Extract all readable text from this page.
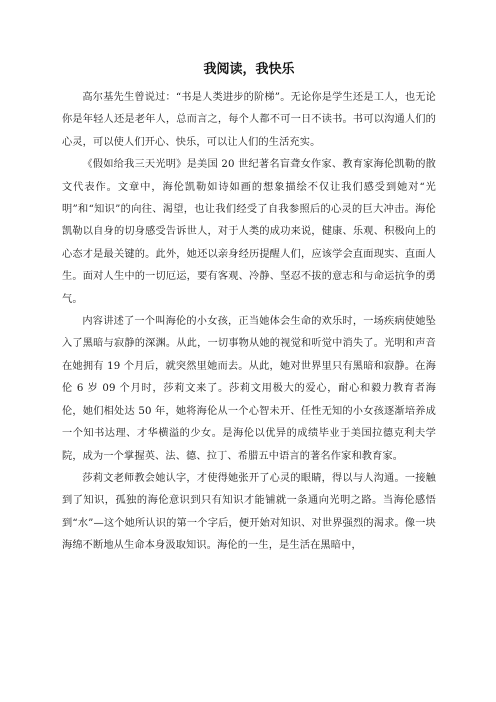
我阅读，我快乐

高尔基先生曾说过：“书是人类进步的阶梯”。无论你是学生还是工人，也无论你是年轻人还是老年人，总而言之，每个人都不可一日不读书。书可以沟通人们的心灵，可以使人们开心、快乐，可以让人们的生活充实。

《假如给我三天光明》是美国 20 世纪著名盲聋女作家、教育家海伦凯勒的散文代表作。文章中，海伦凯勒如诗如画的想象描绘不仅让我们感受到她对“光明”和“知识”的向往、渴望，也让我们经受了自我参照后的心灵的巨大冲击。海伦凯勒以自身的切身感受告诉世人，对于人类的成功来说，健康、乐观、积极向上的心态才是最关键的。此外，她还以亲身经历提醒人们，应该学会直面现实、直面人生。面对人生中的一切厄运，要有客观、冷静、坚忍不拔的意志和与命运抗争的勇气。

内容讲述了一个叫海伦的小女孩，正当她体会生命的欢乐时，一场疾病使她坠入了黑暗与寂静的深渊。从此，一切事物从她的视觉和听觉中消失了。光明和声音在她拥有 19 个月后，就突然里她而去。从此，她对世界里只有黑暗和寂静。在海伦 6 岁 09 个月时，莎莉文来了。莎莉文用极大的爱心，耐心和毅力教育者海伦，她们相处达 50 年，她将海伦从一个心智未开、任性无知的小女孩逐渐培养成一个知书达理、才华横溢的少女。是海伦以优异的成绩毕业于美国拉德克利夫学院，成为一个掌握英、法、德、拉丁、希腊五中语言的著名作家和教育家。

莎莉文老师教会她认字，才使得她张开了心灵的眼睛，得以与人沟通。一接触到了知识，孤独的海伦意识到只有知识才能铺就一条通向光明之路。当海伦感悟到“水”—这个她所认识的第一个字后，便开始对知识、对世界强烈的渴求。像一块海绵不断地从生命本身汲取知识。海伦的一生，是生活在黑暗中，
